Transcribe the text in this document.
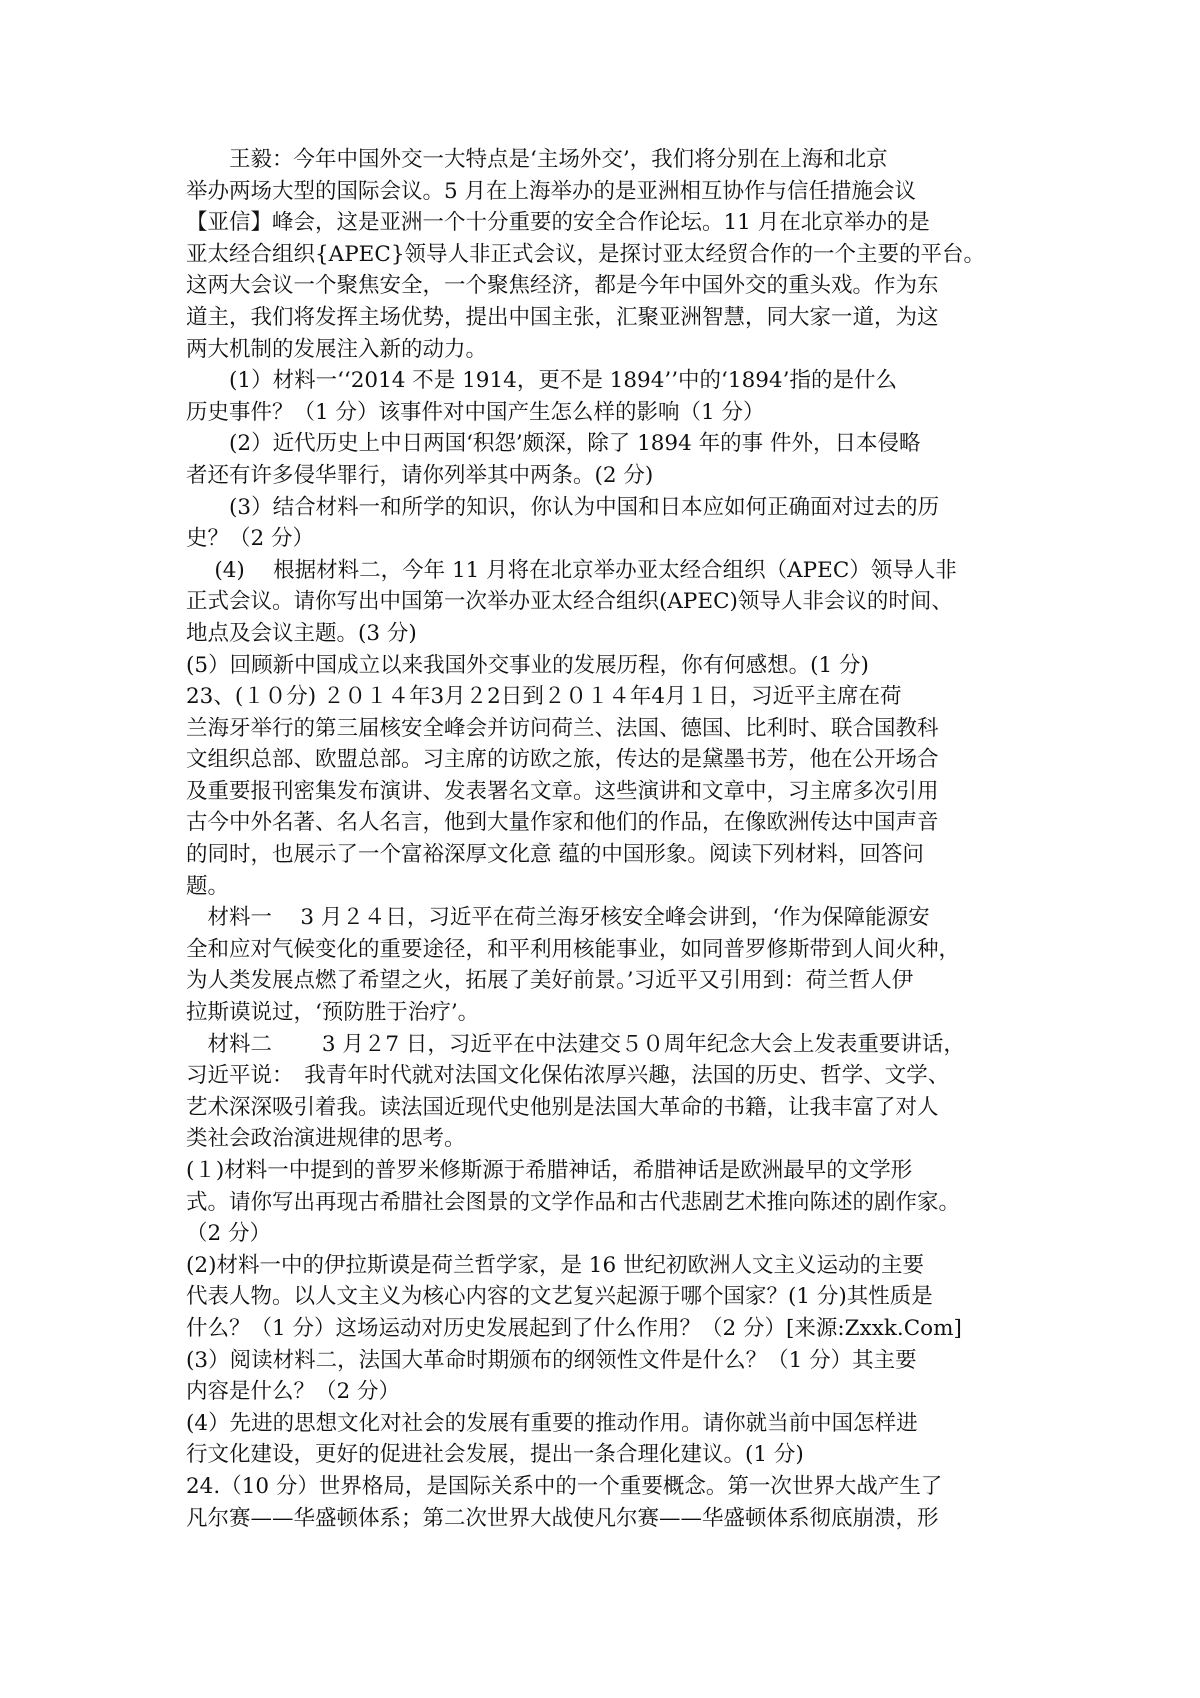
　　王毅：今年中国外交一大特点是‘主场外交’，我们将分别在上海和北京
举办两场大型的国际会议。5 月在上海举办的是亚洲相互协作与信任措施会议
【亚信】峰会，这是亚洲一个十分重要的安全合作论坛。11 月在北京举办的是
亚太经合组织{APEC}领导人非正式会议，是探讨亚太经贸合作的一个主要的平台。
这两大会议一个聚焦安全，一个聚焦经济，都是今年中国外交的重头戏。作为东
道主，我们将发挥主场优势，提出中国主张，汇聚亚洲智慧，同大家一道，为这
两大机制的发展注入新的动力。
　　(1）材料一‘‘2014 不是 1914，更不是 1894’’中的‘1894’指的是什么
历史事件？（1 分）该事件对中国产生怎么样的影响（1 分）
　　(2）近代历史上中日两国‘积怨’颇深，除了 1894 年的事 件外，日本侵略
者还有许多侵华罪行，请你列举其中两条。(2 分)
　　(3）结合材料一和所学的知识，你认为中国和日本应如何正确面对过去的历
史？（2 分）
　 (4)　 根据材料二，今年 11 月将在北京举办亚太经合组织（APEC）领导人非
正式会议。请你写出中国第一次举办亚太经合组织(APEC)领导人非会议的时间、
地点及会议主题。(3 分)
(5）回顾新中国成立以来我国外交事业的发展历程，你有何感想。(1 分)
23、(１０分) ２０１４年3月２2日到２０１４年4月１日，习近平主席在荷
兰海牙举行的第三届核安全峰会并访问荷兰、法国、德国、比利时、联合国教科
文组织总部、欧盟总部。习主席的访欧之旅，传达的是黛墨书芳，他在公开场合
及重要报刊密集发布演讲、发表署名文章。这些演讲和文章中，习主席多次引用
古今中外名著、名人名言，他到大量作家和他们的作品，在像欧洲传达中国声音
的同时，也展示了一个富裕深厚文化意 蕴的中国形象。阅读下列材料，回答问
题。
　材料一　 3 月２４日，习近平在荷兰海牙核安全峰会讲到，‘作为保障能源安
全和应对气候变化的重要途径，和平利用核能事业，如同普罗修斯带到人间火种，
为人类发展点燃了希望之火，拓展了美好前景。’习近平又引用到：荷兰哲人伊
拉斯谟说过，‘预防胜于治疗’。
　材料二　　 3 月２7 日，习近平在中法建交５０周年纪念大会上发表重要讲话，
习近平说：　我青年时代就对法国文化保佑浓厚兴趣，法国的历史、哲学、文学、
艺术深深吸引着我。读法国近现代史他别是法国大革命的书籍，让我丰富了对人
类社会政治演进规律的思考。
(１)材料一中提到的普罗米修斯源于希腊神话，希腊神话是欧洲最早的文学形
式。请你写出再现古希腊社会图景的文学作品和古代悲剧艺术推向陈述的剧作家。
（2 分）
(2)材料一中的伊拉斯谟是荷兰哲学家，是 16 世纪初欧洲人文主义运动的主要
代表人物。以人文主义为核心内容的文艺复兴起源于哪个国家？(1 分)其性质是
什么？（1 分）这场运动对历史发展起到了什么作用？（2 分）[来源:Zxxk.Com]
(3）阅读材料二，法国大革命时期颁布的纲领性文件是什么？（1 分）其主要
内容是什么？（2 分）
(4）先进的思想文化对社会的发展有重要的推动作用。请你就当前中国怎样进
行文化建设，更好的促进社会发展，提出一条合理化建议。(1 分)
24.（10 分）世界格局，是国际关系中的一个重要概念。第一次世界大战产生了
凡尔赛——华盛顿体系；第二次世界大战使凡尔赛——华盛顿体系彻底崩溃，形
